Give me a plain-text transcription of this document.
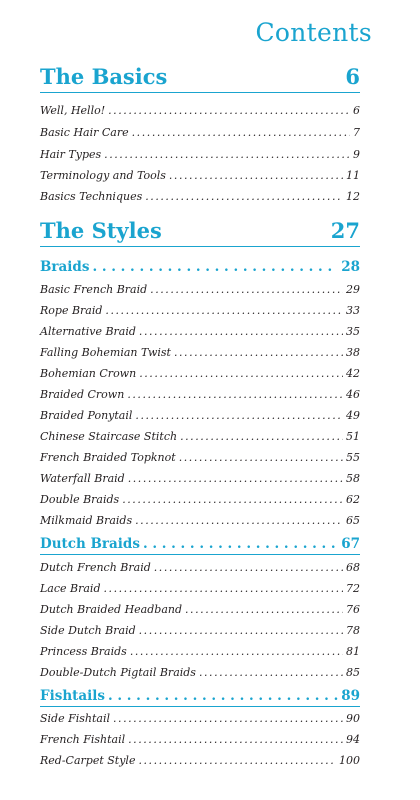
Contents
The Basics	6
Well, Hello! .....	6
Basic Hair Care .....	7
Hair Types .....	9
Terminology and Tools .....	11
Basics Techniques .....	12
The Styles	27
Braids . . .	28
Basic French Braid .....	29
Rope Braid .....	33
Alternative Braid .....	35
Falling Bohemian Twist .....	38
Bohemian Crown .....	42
Braided Crown .....	46
Braided Ponytail .....	49
Chinese Staircase Stitch .....	51
French Braided Topknot .....	55
Waterfall Braid .....	58
Double Braids .....	62
Milkmaid Braids .....	65
Dutch Braids . . .	67
Dutch French Braid .....	68
Lace Braid .....	72
Dutch Braided Headband .....	76
Side Dutch Braid .....	78
Princess Braids .....	81
Double-Dutch Pigtail Braids .....	85
Fishtails . . .	89
Side Fishtail .....	90
French Fishtail .....	94
Red-Carpet Style .....	100
